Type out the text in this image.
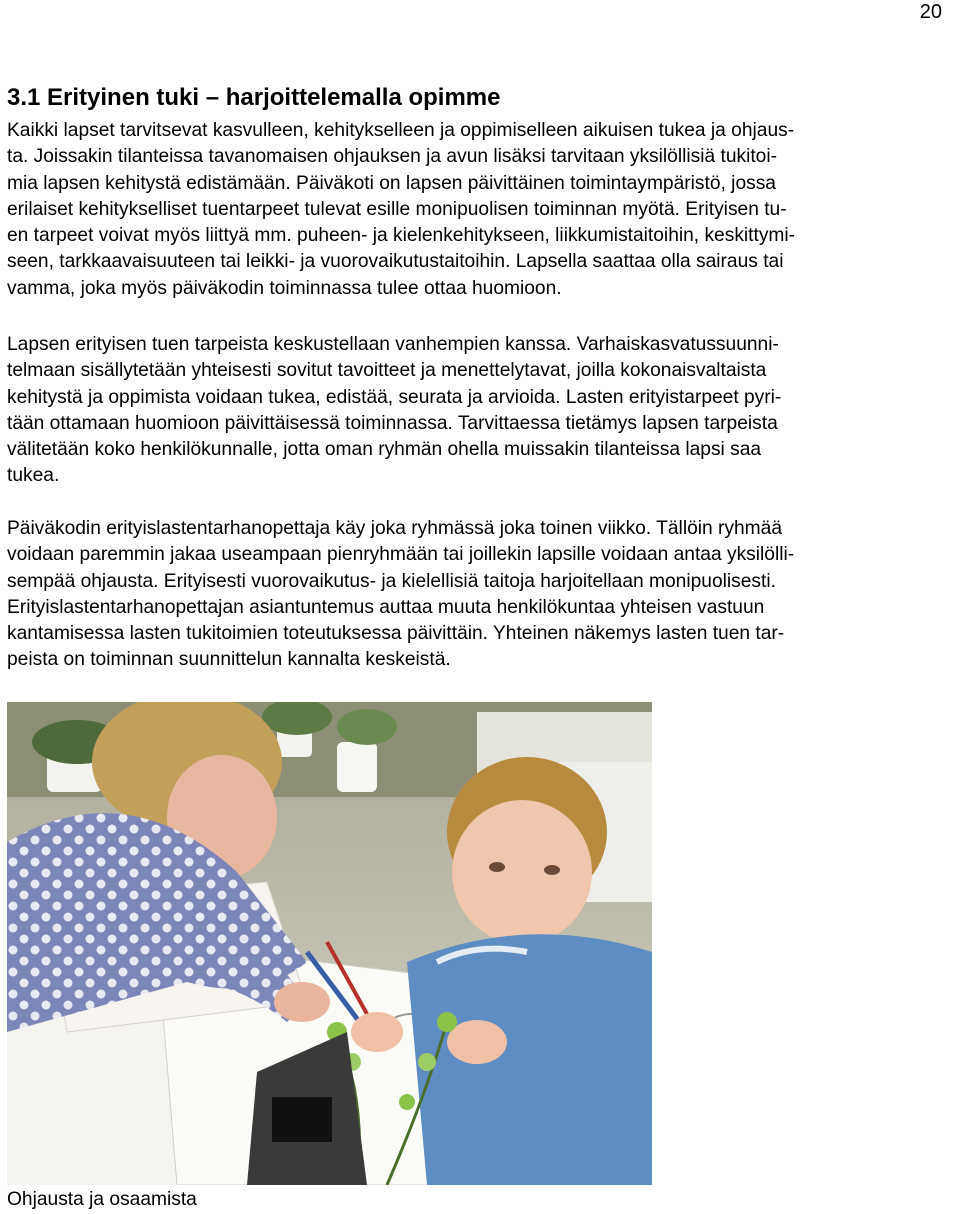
20
3.1 Erityinen tuki – harjoittelemalla opimme
Kaikki lapset tarvitsevat kasvulleen, kehitykselleen ja oppimiselleen aikuisen tukea ja ohjaus-
ta. Joissakin tilanteissa tavanomaisen ohjauksen ja avun lisäksi tarvitaan yksilöllisiä tukitoi-
mia lapsen kehitystä edistämään. Päiväkoti on lapsen päivittäinen toimintaympäristö, jossa
erilaiset kehitykselliset tuentarpeet tulevat esille monipuolisen toiminnan myötä. Erityisen tu-
en tarpeet voivat myös liittyä mm. puheen- ja kielenkehitykseen, liikkumistaitoihin, keskittymi-
seen, tarkkaavaisuuteen tai leikki- ja vuorovaikutustaitoihin. Lapsella saattaa olla sairaus tai
vamma, joka myös päiväkodin toiminnassa tulee ottaa huomioon.
Lapsen erityisen tuen tarpeista keskustellaan vanhempien kanssa. Varhaiskasvatussuunni-
telmaan sisällytetään yhteisesti sovitut tavoitteet ja menettelytavat, joilla kokonaisvaltaista
kehitystä ja oppimista voidaan tukea, edistää, seurata ja arvioida. Lasten erityistarpeet pyri-
tään ottamaan huomioon päivittäisessä toiminnassa. Tarvittaessa tietämys lapsen tarpeista
välitetään koko henkilökunnalle, jotta oman ryhmän ohella muissakin tilanteissa lapsi saa
tukea.
Päiväkodin erityislastentarhanopettaja käy joka ryhmässä joka toinen viikko. Tällöin ryhmää
voidaan paremmin jakaa useampaan pienryhmään tai joillekin lapsille voidaan antaa yksilölli-
sempää ohjausta. Erityisesti vuorovaikutus- ja kielellisiä taitoja harjoitellaan monipuolisesti.
Erityislastentarhanopettajan asiantuntemus auttaa muuta henkilökuntaa yhteisen vastuun
kantamisessa lasten tukitoimien toteutuksessa päivittäin. Yhteinen näkemys lasten tuen tar-
peista on toiminnan suunnittelun kannalta keskeistä.
Ohjausta ja osaamista
